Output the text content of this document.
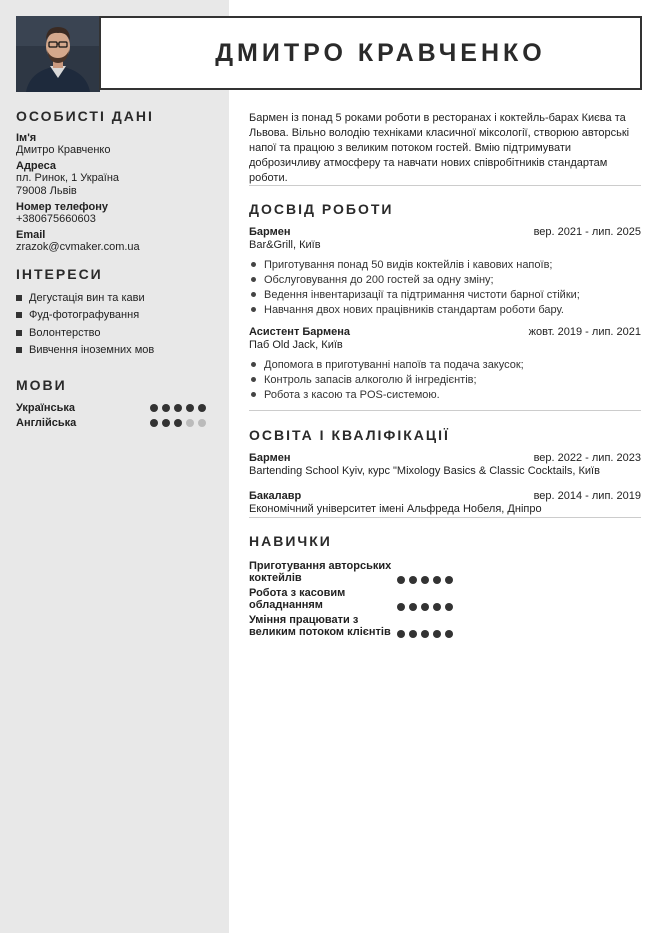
ДМИТРО КРАВЧЕНКО
ОСОБИСТІ ДАНІ
Ім'я
Дмитро Кравченко
Адреса
пл. Ринок, 1 Україна
79008 Львів
Номер телефону
+380675660603
Email
zrazok@cvmaker.com.ua
ІНТЕРЕСИ
Дегустація вин та кави
Фуд-фотографування
Волонтерство
Вивчення іноземних мов
МОВИ
Українська
Англійська

Бармен із понад 5 роками роботи в ресторанах і коктейль-барах Києва та Львова. Вільно володію техніками класичної міксології, створюю авторські напої та працюю з великим потоком гостей. Вмію підтримувати доброзичливу атмосферу та навчати нових співробітників стандартам роботи.

ДОСВІД РОБОТИ
Бармен	вер. 2021 - лип. 2025
Bar&Grill, Київ
Приготування понад 50 видів коктейлів і кавових напоїв;
Обслуговування до 200 гостей за одну зміну;
Ведення інвентаризації та підтримання чистоти барної стійки;
Навчання двох нових працівників стандартам роботи бару.
Асистент Бармена	жовт. 2019 - лип. 2021
Паб Old Jack, Київ
Допомога в приготуванні напоїв та подача закусок;
Контроль запасів алкоголю й інгредієнтів;
Робота з касою та POS-системою.
ОСВІТА І КВАЛІФІКАЦІЇ
Бармен	вер. 2022 - лип. 2023
Bartending School Kyiv, курс "Mixology Basics & Classic Cocktails, Київ
Бакалавр	вер. 2014 - лип. 2019
Економічний університет імені Альфреда Нобеля, Дніпро
НАВИЧКИ
Приготування авторських коктейлів
Робота з касовим обладнанням
Уміння працювати з великим потоком клієнтів
